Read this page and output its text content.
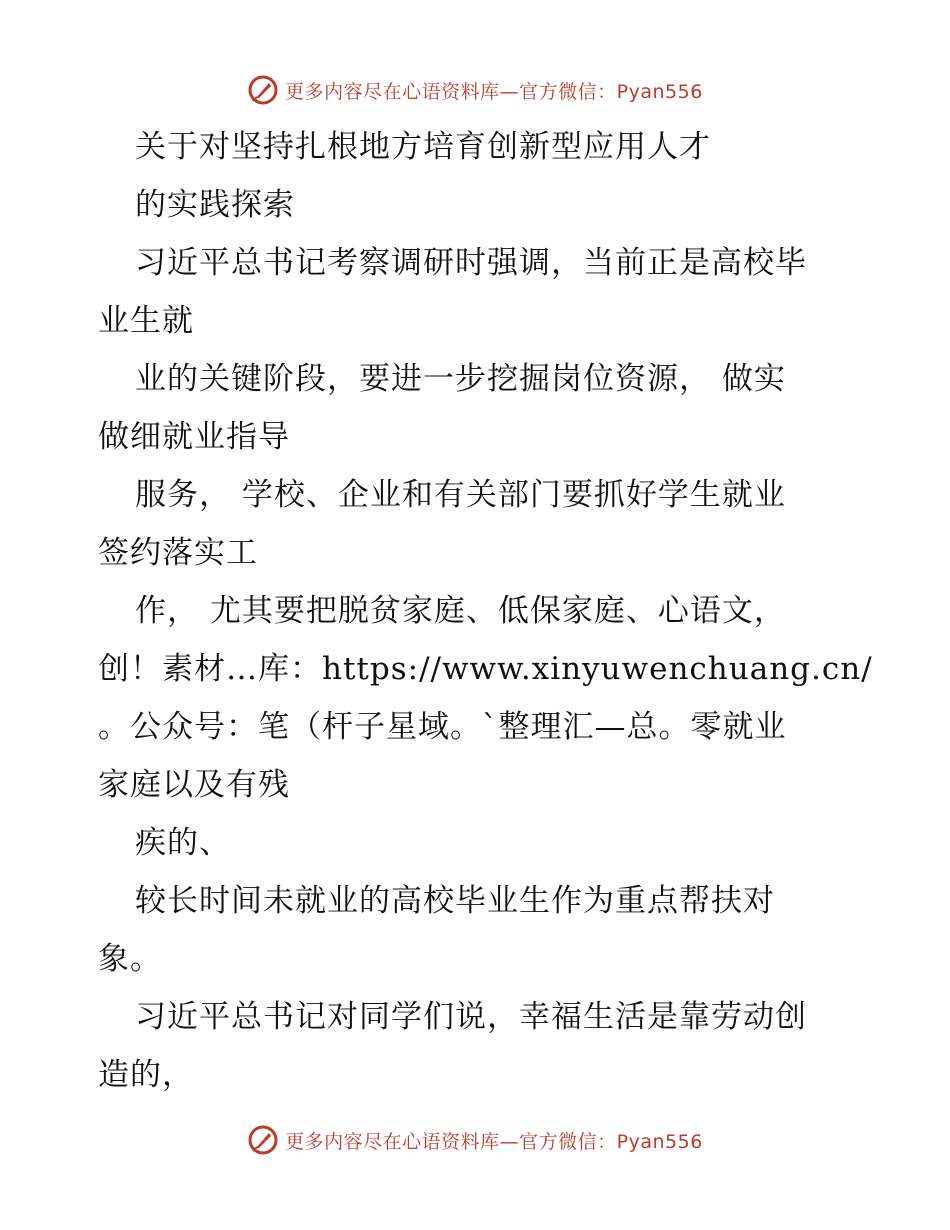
更多内容尽在心语资料库—官方微信：Pyan556
关于对坚持扎根地方培育创新型应用人才
的实践探索
习近平总书记考察调研时强调，当前正是高校毕
业生就
业的关键阶段，要进一步挖掘岗位资源， 做实
做细就业指导
服务， 学校、企业和有关部门要抓好学生就业
签约落实工
作， 尤其要把脱贫家庭、低保家庭、心语文，
创！素材…库：https://www.xinyuwenchuang.cn/
。公众号：笔（杆子星域。`整理汇—总。零就业
家庭以及有残
疾的、
较长时间未就业的高校毕业生作为重点帮扶对
象。
习近平总书记对同学们说，幸福生活是靠劳动创
造的，
更多内容尽在心语资料库—官方微信：Pyan556
